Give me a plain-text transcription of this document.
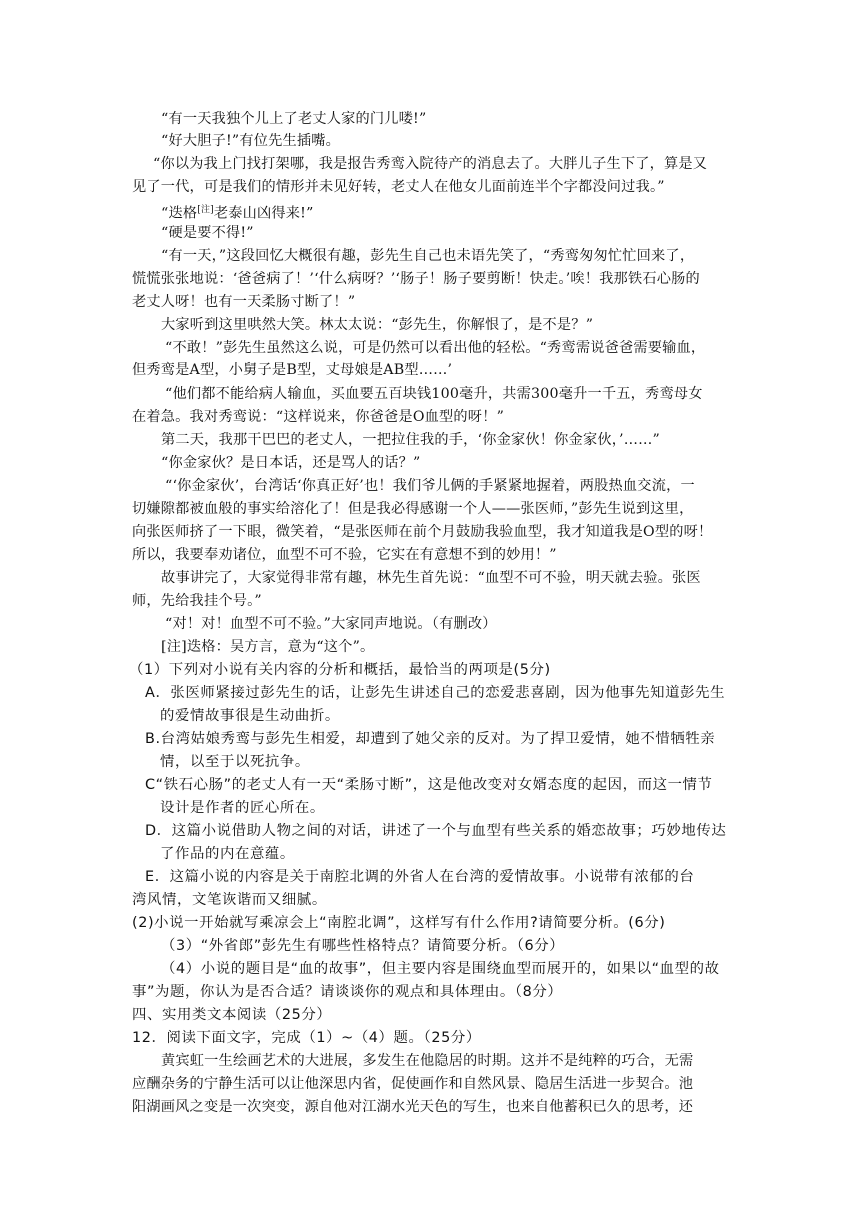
“有一天我独个儿上了老丈人家的门儿喽!”
“好大胆子!”有位先生插嘴。
“你以为我上门找打架哪，我是报告秀鸾入院待产的消息去了。大胖儿子生下了，算是又
见了一代，可是我们的情形并未见好转，老丈人在他女儿面前连半个字都没问过我。”
“迭格[注]老泰山凶得来!”
“硬是要不得!”
“有一天，”这段回忆大概很有趣，彭先生自己也未语先笑了，“秀鸾匆匆忙忙回来了，
慌慌张张地说：‘爸爸病了！’‘什么病呀？’‘肠子！肠子要剪断！快走。’唉！我那铁石心肠的
老丈人呀！也有一天柔肠寸断了！”
大家听到这里哄然大笑。林太太说：“彭先生，你解恨了，是不是？”
“不敢！”彭先生虽然这么说，可是仍然可以看出他的轻松。“秀鸾需说爸爸需要输血，
但秀鸾是A型，小舅子是B型，丈母娘是AB型……’
“他们都不能给病人输血，买血要五百块钱100毫升，共需300毫升一千五，秀鸾母女
在着急。我对秀鸾说：“这样说来，你爸爸是O血型的呀！”
第二天，我那干巴巴的老丈人，一把拉住我的手，‘你金家伙！你金家伙，’……”
“你金家伙？是日本话，还是骂人的话？”
“‘你金家伙’，台湾话‘你真正好’也！我们爷儿俩的手紧紧地握着，两股热血交流，一
切嫌隙都被血般的事实给溶化了！但是我必得感谢一个人——张医师，”彭先生说到这里，
向张医师挤了一下眼，微笑着，“是张医师在前个月鼓励我验血型，我才知道我是O型的呀！
所以，我要奉劝诸位，血型不可不验，它实在有意想不到的妙用！”
故事讲完了，大家觉得非常有趣，林先生首先说：“血型不可不验，明天就去验。张医
师，先给我挂个号。”
“对！对！血型不可不验。”大家同声地说。（有删改）
[注]迭格：吴方言，意为“这个”。
（1）下列对小说有关内容的分析和概括，最恰当的两项是(5分)
A．张医师紧接过彭先生的话，让彭先生讲述自己的恋爱悲喜剧，因为他事先知道彭先生
的爱情故事很是生动曲折。
B.台湾姑娘秀鸾与彭先生相爱，却遭到了她父亲的反对。为了捍卫爱情，她不惜牺牲亲
情，以至于以死抗争。
C“铁石心肠”的老丈人有一天“柔肠寸断”，这是他改变对女婿态度的起因，而这一情节
设计是作者的匠心所在。
D．这篇小说借助人物之间的对话，讲述了一个与血型有些关系的婚恋故事；巧妙地传达
了作品的内在意蕴。
E．这篇小说的内容是关于南腔北调的外省人在台湾的爱情故事。小说带有浓郁的台
湾风情，文笔诙谐而又细腻。
(2)小说一开始就写乘凉会上“南腔北调”，这样写有什么作用?请简要分析。(6分)
（3）“外省郎”彭先生有哪些性格特点？请简要分析。（6分）
（4）小说的题目是“血的故事”，但主要内容是围绕血型而展开的，如果以“血型的故
事”为题，你认为是否合适？请谈谈你的观点和具体理由。（8分）
四、实用类文本阅读（25分）
12．阅读下面文字，完成（1）~（4）题。（25分）
黄宾虹一生绘画艺术的大进展，多发生在他隐居的时期。这并不是纯粹的巧合，无需
应酬杂务的宁静生活可以让他深思内省，促使画作和自然风景、隐居生活进一步契合。池
阳湖画风之变是一次突变，源自他对江湖水光天色的写生，也来自他蓄积已久的思考，还
